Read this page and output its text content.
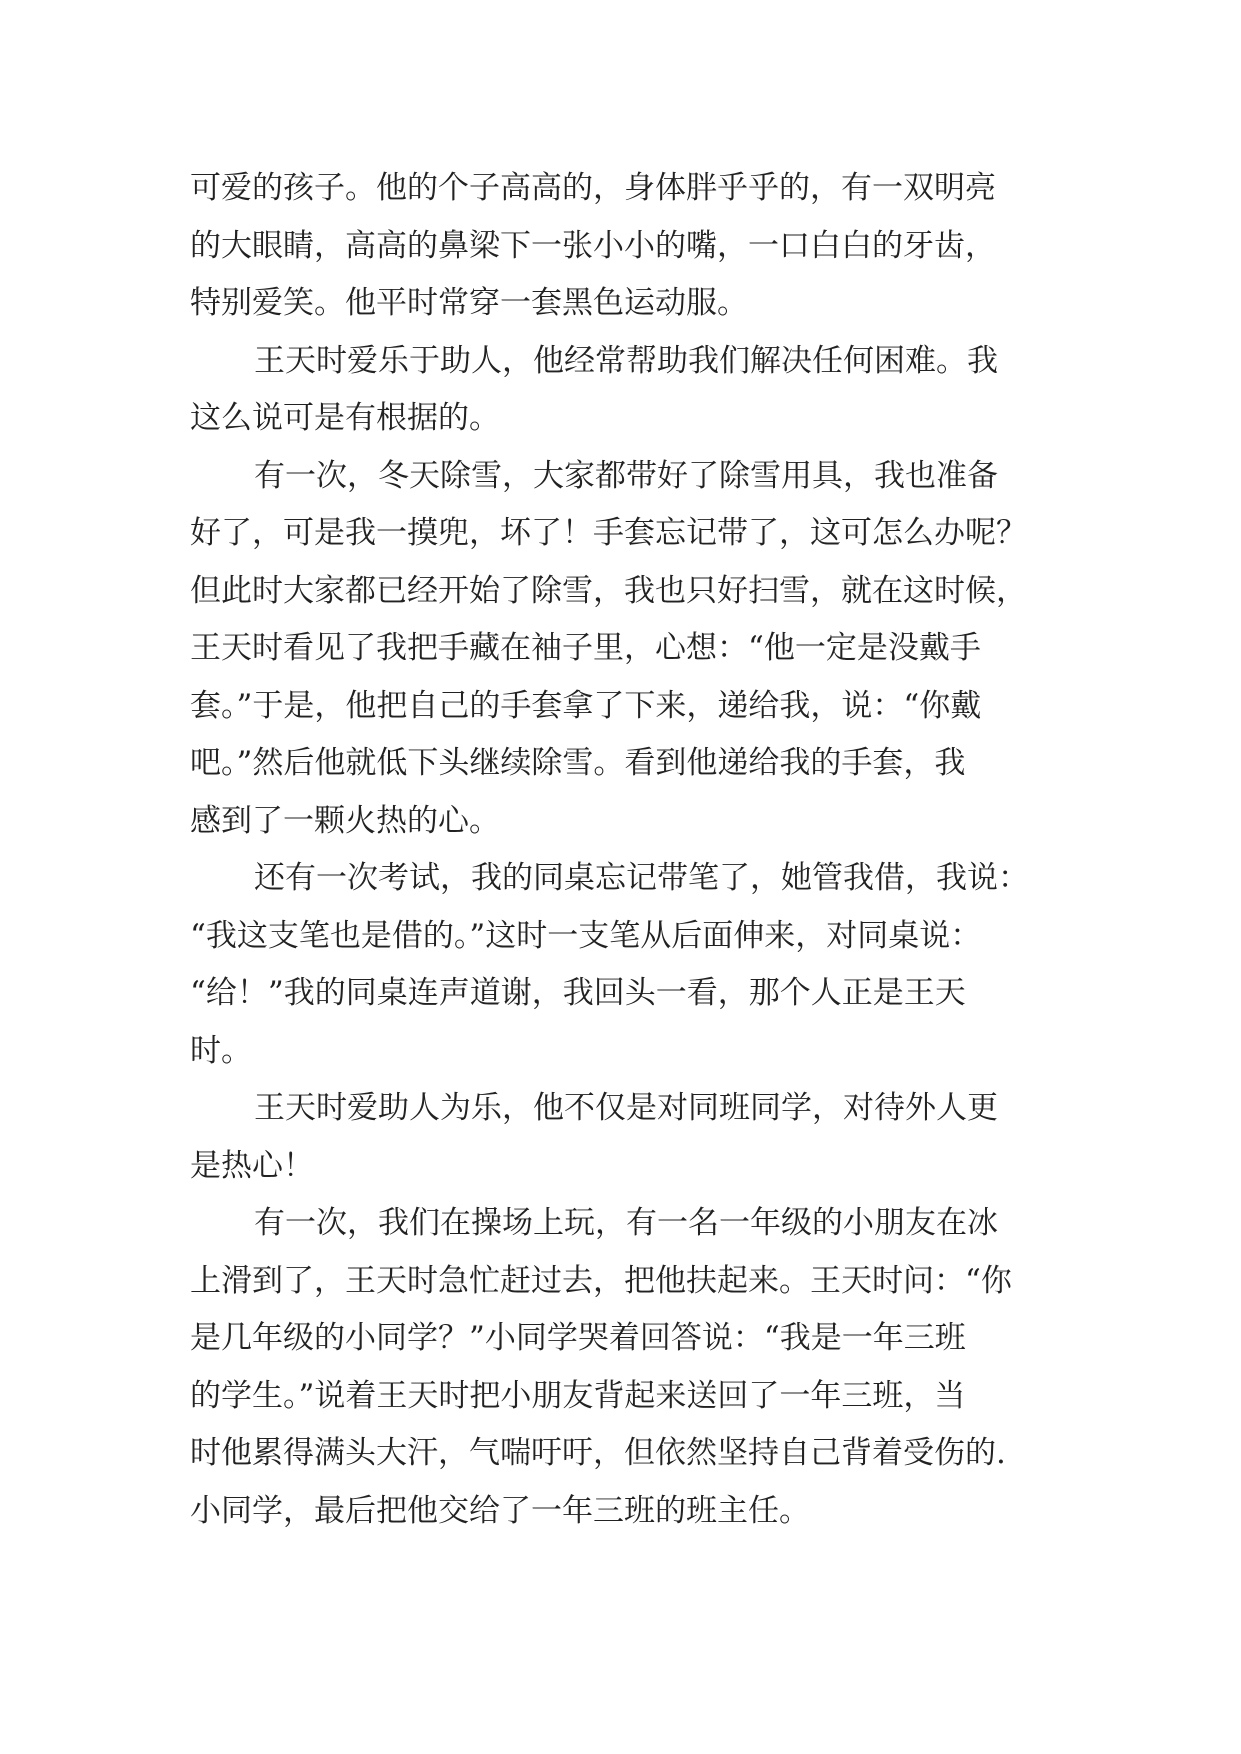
可爱的孩子。他的个子高高的，身体胖乎乎的，有一双明亮
的大眼睛，高高的鼻梁下一张小小的嘴，一口白白的牙齿，
特别爱笑。他平时常穿一套黑色运动服。

王天时爱乐于助人，他经常帮助我们解决任何困难。我
这么说可是有根据的。

有一次，冬天除雪，大家都带好了除雪用具，我也准备
好了，可是我一摸兜，坏了！手套忘记带了，这可怎么办呢？
但此时大家都已经开始了除雪，我也只好扫雪，就在这时候，
王天时看见了我把手藏在袖子里，心想：“他一定是没戴手
套。”于是，他把自己的手套拿了下来，递给我，说：“你戴
吧。”然后他就低下头继续除雪。看到他递给我的手套，我
感到了一颗火热的心。

还有一次考试，我的同桌忘记带笔了，她管我借，我说：
“我这支笔也是借的。”这时一支笔从后面伸来，对同桌说：
“给！”我的同桌连声道谢，我回头一看，那个人正是王天
时。

王天时爱助人为乐，他不仅是对同班同学，对待外人更
是热心！

有一次，我们在操场上玩，有一名一年级的小朋友在冰
上滑到了，王天时急忙赶过去，把他扶起来。王天时问：“你
是几年级的小同学？”小同学哭着回答说：“我是一年三班
的学生。”说着王天时把小朋友背起来送回了一年三班，当
时他累得满头大汗，气喘吁吁，但依然坚持自己背着受伤的.
小同学，最后把他交给了一年三班的班主任。
